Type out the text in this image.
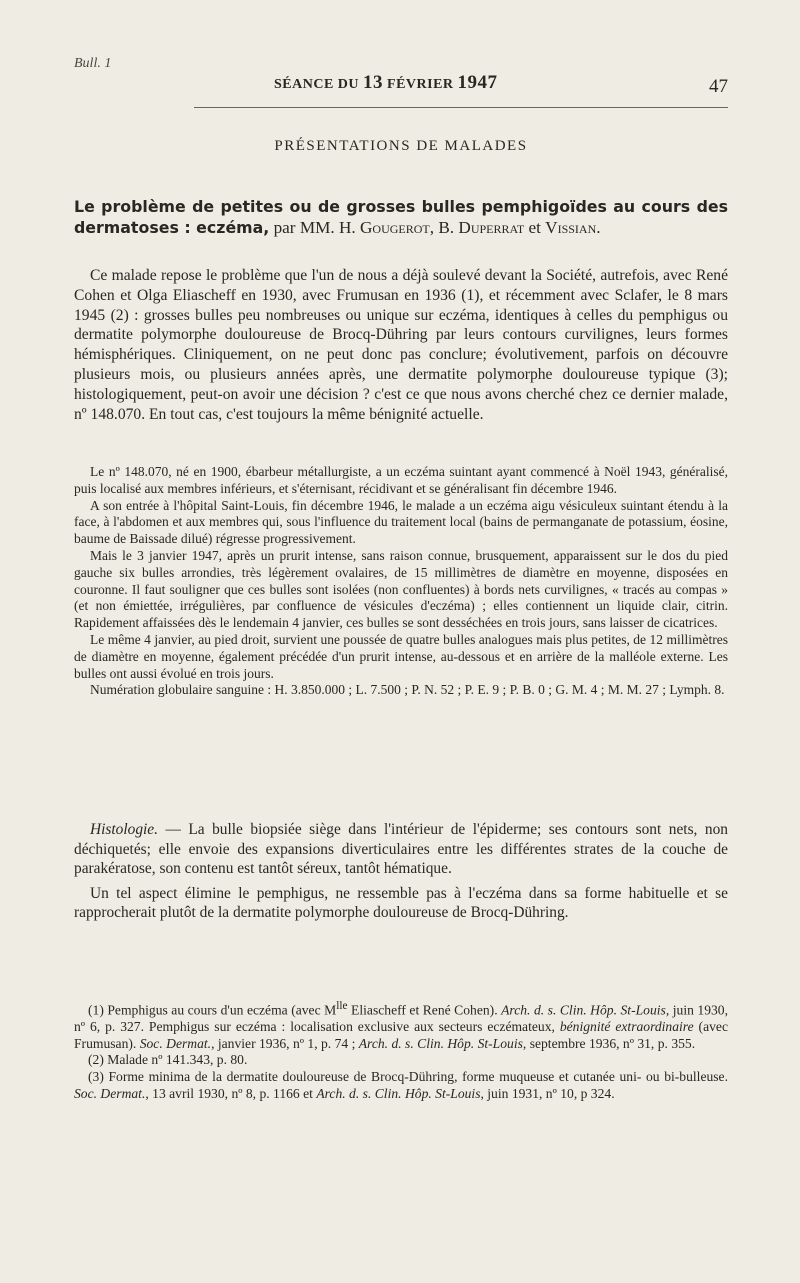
Bull. 1
SÉANCE DU 13 FÉVRIER 1947	47
PRÉSENTATIONS DE MALADES
Le problème de petites ou de grosses bulles pemphigoïdes au cours des dermatoses : eczéma, par MM. H. Gougerot, B. Duperrat et Vissian.

Ce malade repose le problème que l'un de nous a déjà soulevé devant la Société, autrefois, avec René Cohen et Olga Eliascheff en 1930, avec Frumusan en 1936 (1), et récemment avec Sclafer, le 8 mars 1945 (2) : grosses bulles peu nombreuses ou unique sur eczéma, identiques à celles du pemphigus ou dermatite polymorphe douloureuse de Brocq-Dühring par leurs contours curvilignes, leurs formes hémisphériques. Cliniquement, on ne peut donc pas conclure; évolutivement, parfois on découvre plusieurs mois, ou plusieurs années après, une dermatite polymorphe douloureuse typique (3); histologiquement, peut-on avoir une décision ? c'est ce que nous avons cherché chez ce dernier malade, nº 148.070. En tout cas, c'est toujours la même bénignité actuelle.

Le nº 148.070, né en 1900, ébarbeur métallurgiste, a un eczéma suintant ayant commencé à Noël 1943, généralisé, puis localisé aux membres inférieurs, et s'éternisant, récidivant et se généralisant fin décembre 1946.

A son entrée à l'hôpital Saint-Louis, fin décembre 1946, le malade a un eczéma aigu vésiculeux suintant étendu à la face, à l'abdomen et aux membres qui, sous l'influence du traitement local (bains de permanganate de potassium, éosine, baume de Baissade dilué) régresse progressivement.

Mais le 3 janvier 1947, après un prurit intense, sans raison connue, brusquement, apparaissent sur le dos du pied gauche six bulles arrondies, très légèrement ovalaires, de 15 millimètres de diamètre en moyenne, disposées en couronne. Il faut souligner que ces bulles sont isolées (non confluentes) à bords nets curvilignes, « tracés au compas » (et non émiettée, irrégulières, par confluence de vésicules d'eczéma) ; elles contiennent un liquide clair, citrin. Rapidement affaissées dès le lendemain 4 janvier, ces bulles se sont desséchées en trois jours, sans laisser de cicatrices.

Le même 4 janvier, au pied droit, survient une poussée de quatre bulles analogues mais plus petites, de 12 millimètres de diamètre en moyenne, également précédée d'un prurit intense, au-dessous et en arrière de la malléole externe. Les bulles ont aussi évolué en trois jours.

Numération globulaire sanguine : H. 3.850.000 ; L. 7.500 ; P. N. 52 ; P. E. 9 ; P. B. 0 ; G. M. 4 ; M. M. 27 ; Lymph. 8.

Histologie. — La bulle biopsiée siège dans l'intérieur de l'épiderme; ses contours sont nets, non déchiquetés; elle envoie des expansions diverticulaires entre les différentes strates de la couche de parakératose, son contenu est tantôt séreux, tantôt hématique.

Un tel aspect élimine le pemphigus, ne ressemble pas à l'eczéma dans sa forme habituelle et se rapprocherait plutôt de la dermatite polymorphe douloureuse de Brocq-Dühring.

(1) Pemphigus au cours d'un eczéma (avec $M^{lle}$ Eliascheff et René Cohen). Arch. d. s. Clin. Hôp. St-Louis, juin 1930, nº 6, p. 327. Pemphigus sur eczéma : localisation exclusive aux secteurs eczémateux, bénignité extraordinaire (avec Frumusan). Soc. Dermat., janvier 1936, nº 1, p. 74 ; Arch. d. s. Clin. Hôp. St-Louis, septembre 1936, nº 31, p. 355.

(2) Malade nº 141.343, p. 80.

(3) Forme minima de la dermatite douloureuse de Brocq-Dühring, forme muqueuse et cutanée uni- ou bi-bulleuse. Soc. Dermat., 13 avril 1930, nº 8, p. 1166 et Arch. d. s. Clin. Hôp. St-Louis, juin 1931, nº 10, p 324.
